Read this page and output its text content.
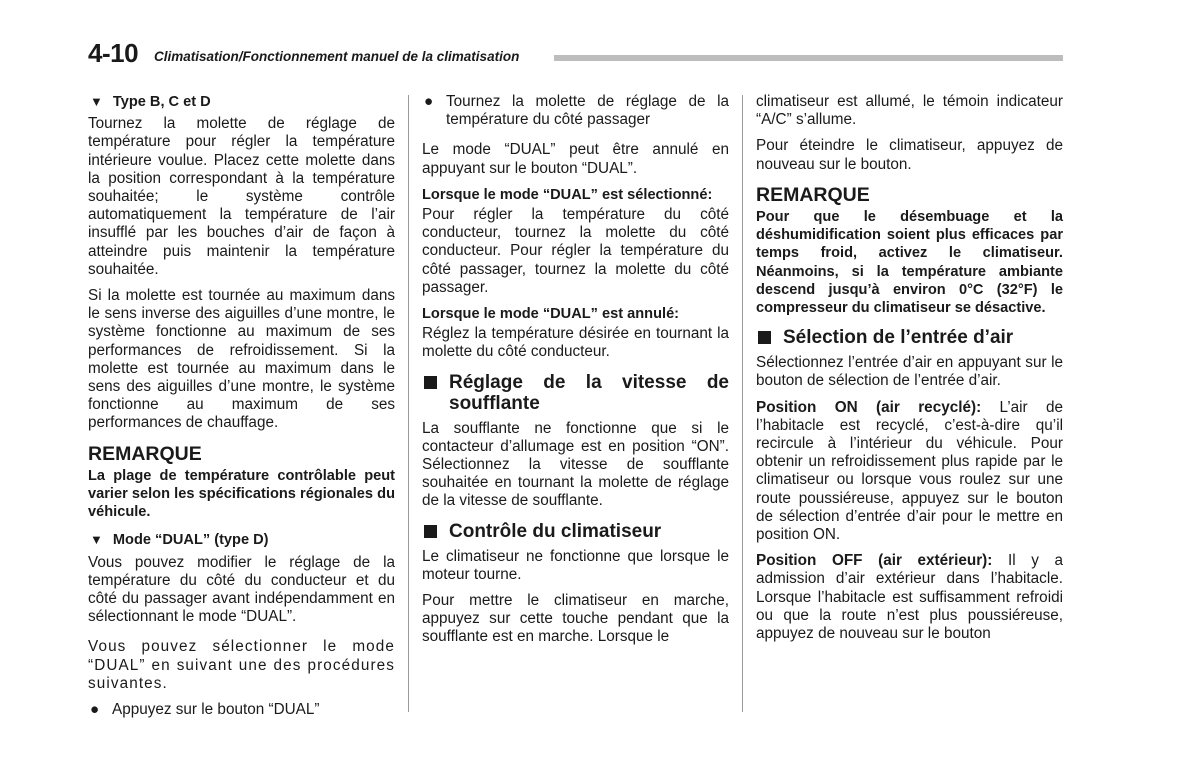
4-10 Climatisation/Fonctionnement manuel de la climatisation
▼ Type B, C et D

Tournez la molette de réglage de température pour régler la température intérieure voulue. Placez cette molette dans la position correspondant à la température souhaitée; le système contrôle automatiquement la température de l’air insufflé par les bouches d’air de façon à atteindre puis maintenir la température souhaitée.

Si la molette est tournée au maximum dans le sens inverse des aiguilles d’une montre, le système fonctionne au maximum de ses performances de refroidissement. Si la molette est tournée au maximum dans le sens des aiguilles d’une montre, le système fonctionne au maximum de ses performances de chauffage.

REMARQUE

La plage de température contrôlable peut varier selon les spécifications régionales du véhicule.

▼ Mode “DUAL” (type D)

Vous pouvez modifier le réglage de la température du côté du conducteur et du côté du passager avant indépendamment en sélectionnant le mode “DUAL”.

Vous pouvez sélectionner le mode “DUAL” en suivant une des procédures suivantes.

● Appuyez sur le bouton “DUAL”
● Tournez la molette de réglage de la température du côté passager

Le mode “DUAL” peut être annulé en appuyant sur le bouton “DUAL”.

Lorsque le mode “DUAL” est sélectionné:

Pour régler la température du côté conducteur, tournez la molette du côté conducteur. Pour régler la température du côté passager, tournez la molette du côté passager.

Lorsque le mode “DUAL” est annulé:

Réglez la température désirée en tournant la molette du côté conducteur.

Réglage de la vitesse de soufflante

La soufflante ne fonctionne que si le contacteur d’allumage est en position “ON”. Sélectionnez la vitesse de soufflante souhaitée en tournant la molette de réglage de la vitesse de soufflante.

Contrôle du climatiseur

Le climatiseur ne fonctionne que lorsque le moteur tourne.

Pour mettre le climatiseur en marche, appuyez sur cette touche pendant que la soufflante est en marche. Lorsque le

climatiseur est allumé, le témoin indicateur “A/C” s’allume.

Pour éteindre le climatiseur, appuyez de nouveau sur le bouton.

REMARQUE

Pour que le désembuage et la déshumidification soient plus efficaces par temps froid, activez le climatiseur. Néanmoins, si la température ambiante descend jusqu’à environ 0°C (32°F) le compresseur du climatiseur se désactive.

Sélection de l’entrée d’air

Sélectionnez l’entrée d’air en appuyant sur le bouton de sélection de l’entrée d’air.

Position ON (air recyclé): L’air de l’habitacle est recyclé, c’est-à-dire qu’il recircule à l’intérieur du véhicule. Pour obtenir un refroidissement plus rapide par le climatiseur ou lorsque vous roulez sur une route poussiéreuse, appuyez sur le bouton de sélection d’entrée d’air pour le mettre en position ON.

Position OFF (air extérieur): Il y a admission d’air extérieur dans l’habitacle. Lorsque l’habitacle est suffisamment refroidi ou que la route n’est plus poussiéreuse, appuyez de nouveau sur le bouton
